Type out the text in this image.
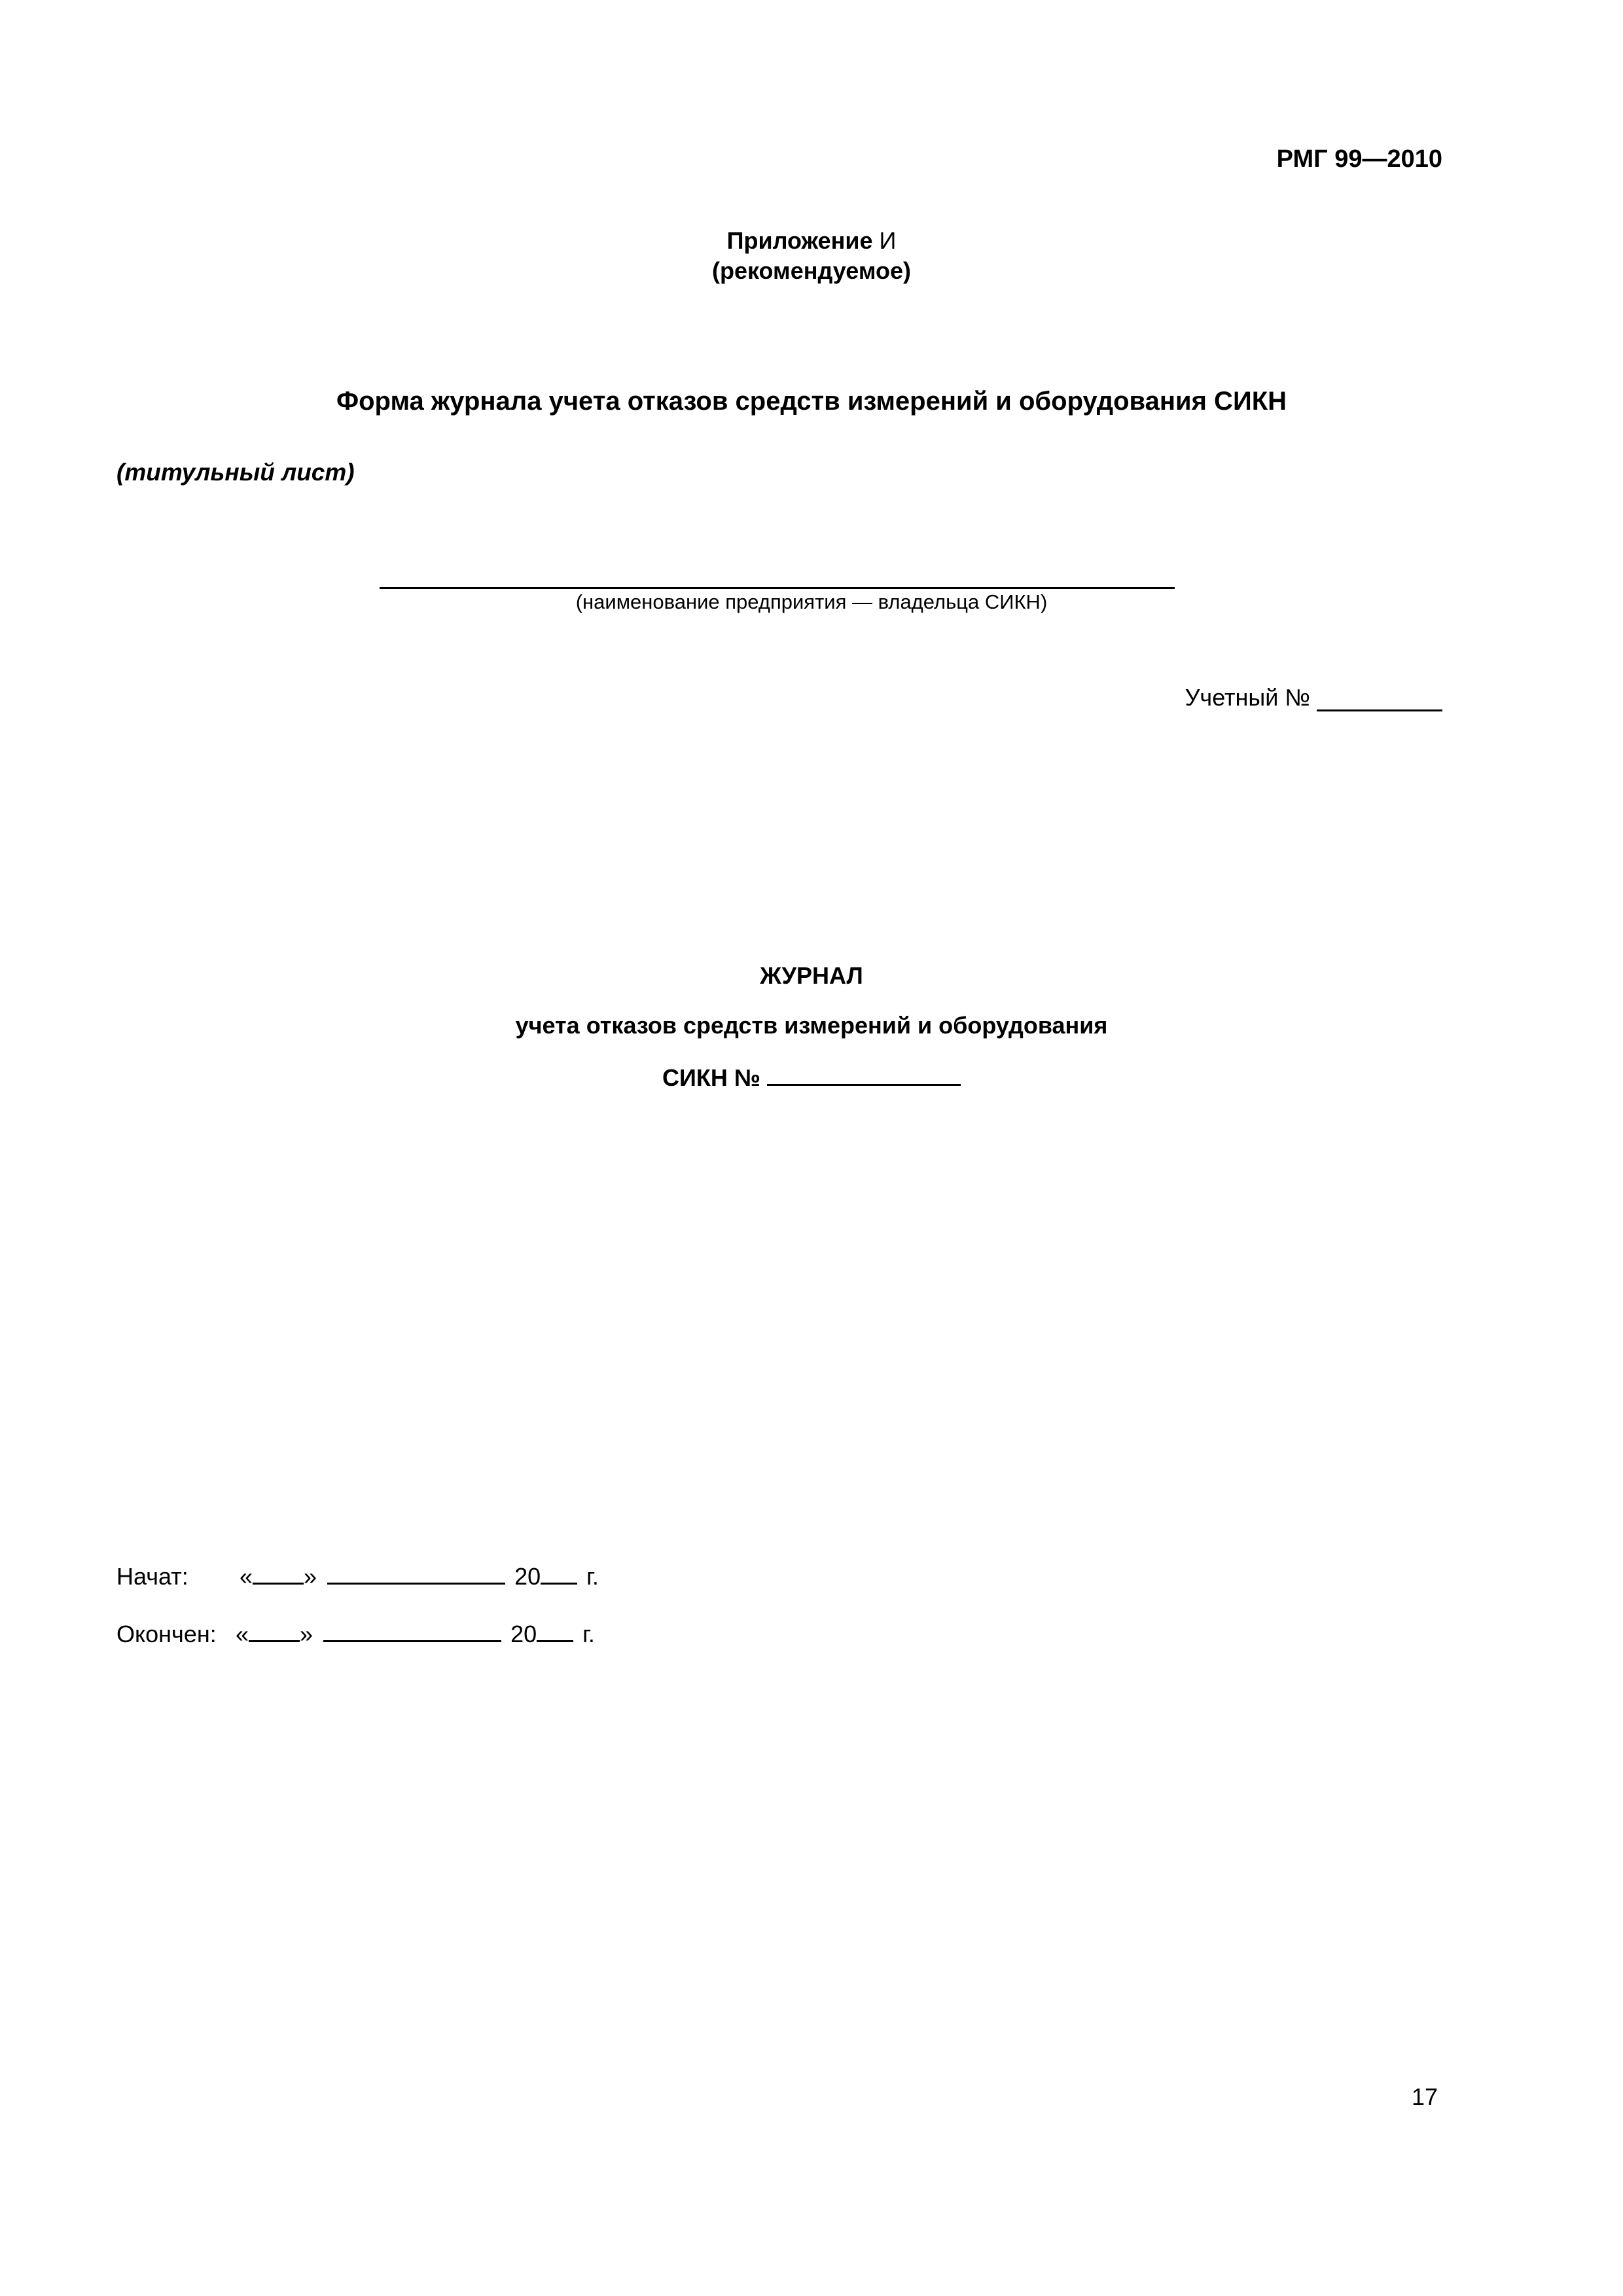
РМГ 99—2010
Приложение И
(рекомендуемое)
Форма журнала учета отказов средств измерений и оборудования СИКН
(титульный лист)
(наименование предприятия — владельца СИКН)
Учетный №
ЖУРНАЛ
учета отказов средств измерений и оборудования
СИКН №
Начат: « »	20 г.
Окончен: « »	20 г.
17
